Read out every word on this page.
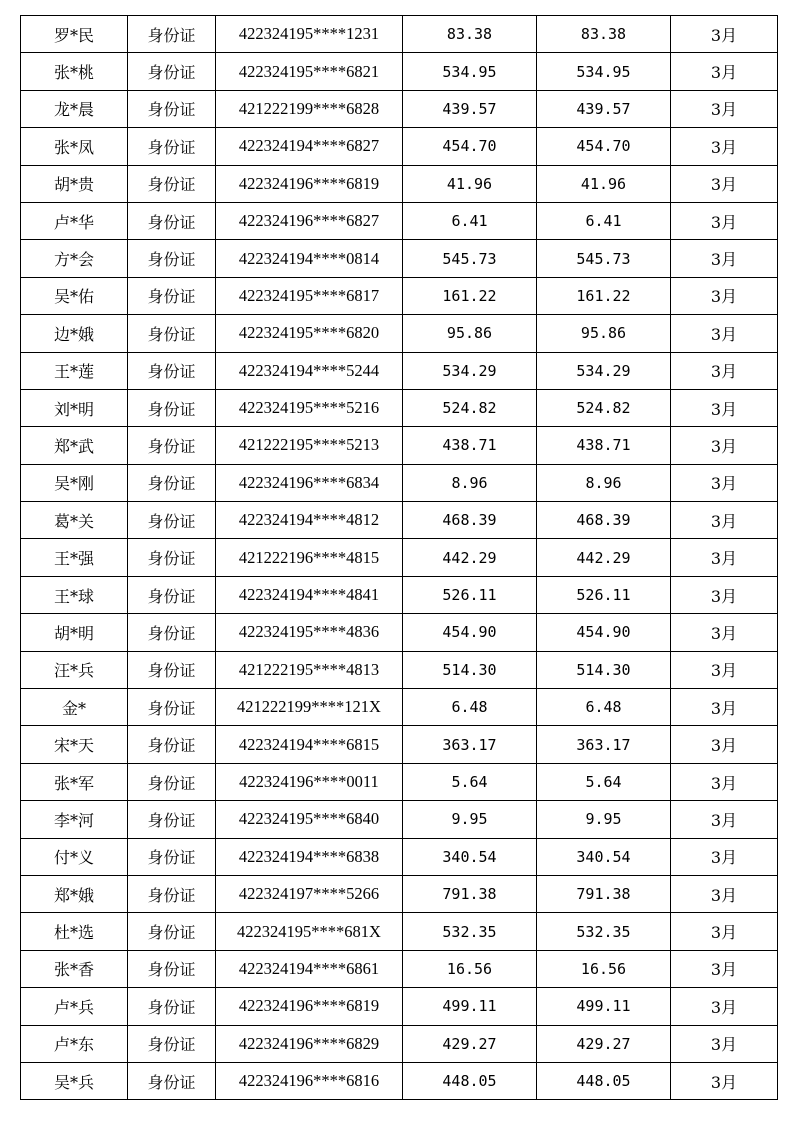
罗*民	身份证	422324195****1231	83.38	83.38	3月
张*桃	身份证	422324195****6821	534.95	534.95	3月
龙*晨	身份证	421222199****6828	439.57	439.57	3月
张*凤	身份证	422324194****6827	454.70	454.70	3月
胡*贵	身份证	422324196****6819	41.96	41.96	3月
卢*华	身份证	422324196****6827	6.41	6.41	3月
方*会	身份证	422324194****0814	545.73	545.73	3月
吴*佑	身份证	422324195****6817	161.22	161.22	3月
边*娥	身份证	422324195****6820	95.86	95.86	3月
王*莲	身份证	422324194****5244	534.29	534.29	3月
刘*明	身份证	422324195****5216	524.82	524.82	3月
郑*武	身份证	421222195****5213	438.71	438.71	3月
吴*刚	身份证	422324196****6834	8.96	8.96	3月
葛*关	身份证	422324194****4812	468.39	468.39	3月
王*强	身份证	421222196****4815	442.29	442.29	3月
王*球	身份证	422324194****4841	526.11	526.11	3月
胡*明	身份证	422324195****4836	454.90	454.90	3月
汪*兵	身份证	421222195****4813	514.30	514.30	3月
金*	身份证	421222199****121X	6.48	6.48	3月
宋*天	身份证	422324194****6815	363.17	363.17	3月
张*军	身份证	422324196****0011	5.64	5.64	3月
李*河	身份证	422324195****6840	9.95	9.95	3月
付*义	身份证	422324194****6838	340.54	340.54	3月
郑*娥	身份证	422324197****5266	791.38	791.38	3月
杜*选	身份证	422324195****681X	532.35	532.35	3月
张*香	身份证	422324194****6861	16.56	16.56	3月
卢*兵	身份证	422324196****6819	499.11	499.11	3月
卢*东	身份证	422324196****6829	429.27	429.27	3月
吴*兵	身份证	422324196****6816	448.05	448.05	3月
